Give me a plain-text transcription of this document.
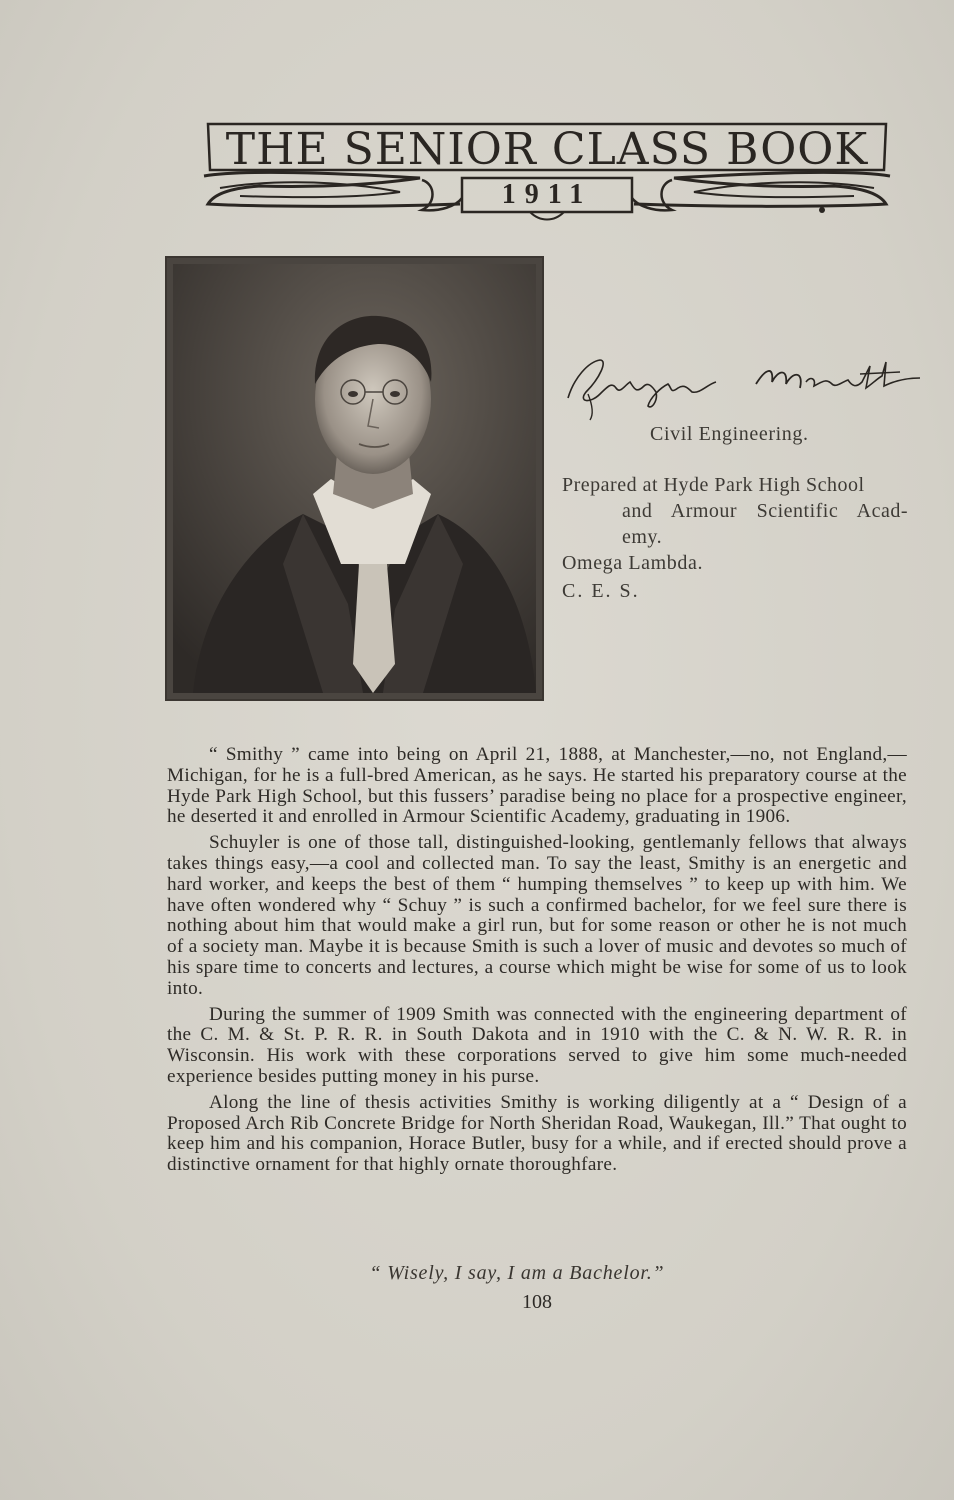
THE SENIOR CLASS BOOK
1911
Civil Engineering.
Prepared at Hyde Park High School
and Armour Scientific Acad-
emy.
Omega Lambda.
C. E. S.

“ Smithy ” came into being on April 21, 1888, at Manchester,—no, not England,—Michigan, for he is a full-bred American, as he says. He started his preparatory course at the Hyde Park High School, but this fussers’ paradise being no place for a prospective engineer, he deserted it and enrolled in Armour Scientific Academy, graduating in 1906.

Schuyler is one of those tall, distinguished-looking, gentlemanly fellows that always takes things easy,—a cool and collected man. To say the least, Smithy is an energetic and hard worker, and keeps the best of them “ humping themselves ” to keep up with him. We have often wondered why “ Schuy ” is such a confirmed bachelor, for we feel sure there is nothing about him that would make a girl run, but for some reason or other he is not much of a society man. Maybe it is because Smith is such a lover of music and devotes so much of his spare time to concerts and lectures, a course which might be wise for some of us to look into.

During the summer of 1909 Smith was connected with the engineering department of the C. M. & St. P. R. R. in South Dakota and in 1910 with the C. & N. W. R. R. in Wisconsin. His work with these corporations served to give him some much-needed experience besides putting money in his purse.

Along the line of thesis activities Smithy is working diligently at a “ Design of a Proposed Arch Rib Concrete Bridge for North Sheridan Road, Waukegan, Ill.” That ought to keep him and his companion, Horace Butler, busy for a while, and if erected should prove a distinctive ornament for that highly ornate thoroughfare.

“ Wisely, I say, I am a Bachelor.”
108
